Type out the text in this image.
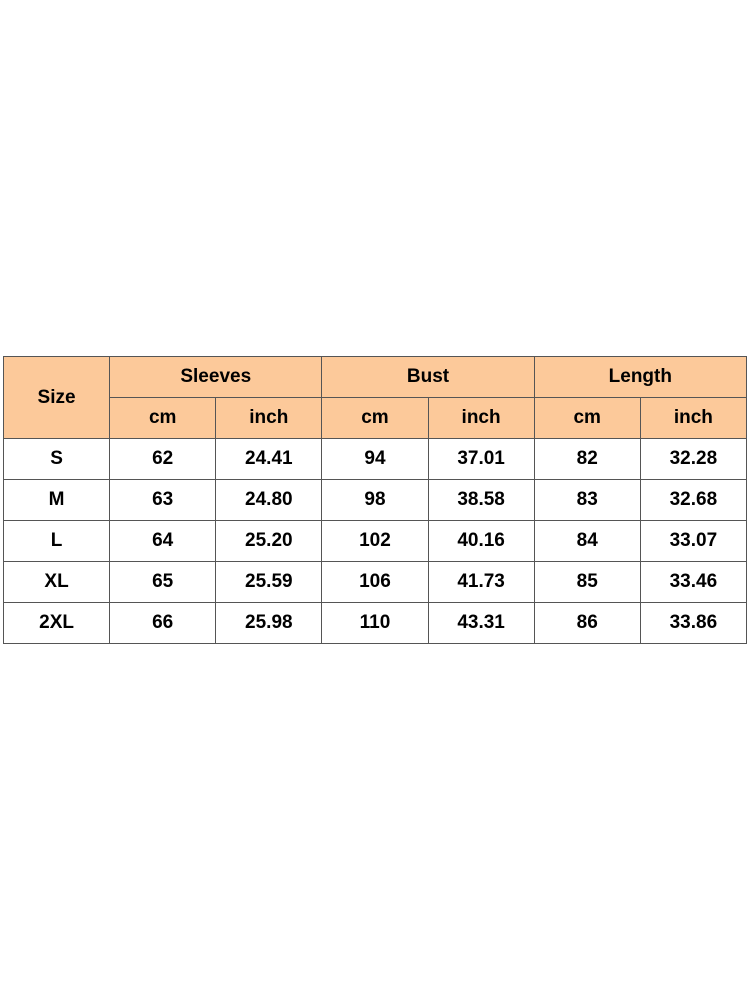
Size	Sleeves		Bust		Length	
	cm	inch	cm	inch	cm	inch
S	62	24.41	94	37.01	82	32.28
M	63	24.80	98	38.58	83	32.68
L	64	25.20	102	40.16	84	33.07
XL	65	25.59	106	41.73	85	33.46
2XL	66	25.98	110	43.31	86	33.86
